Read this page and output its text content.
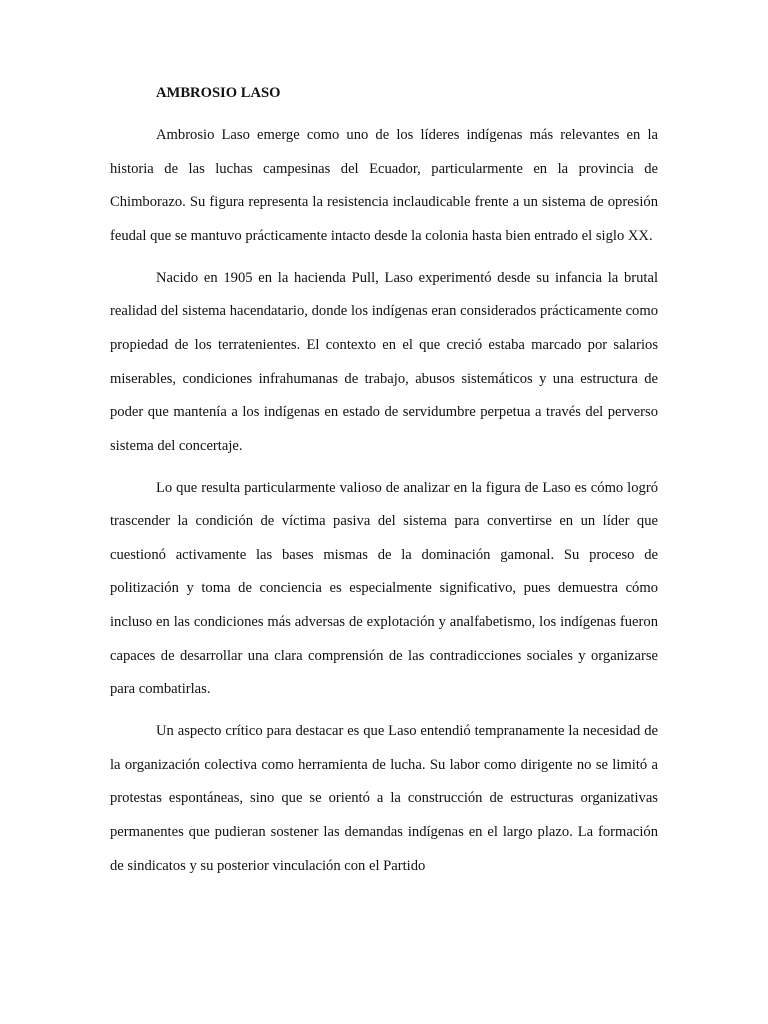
AMBROSIO LASO

Ambrosio Laso emerge como uno de los líderes indígenas más relevantes en la historia de las luchas campesinas del Ecuador, particularmente en la provincia de Chimborazo. Su figura representa la resistencia inclaudicable frente a un sistema de opresión feudal que se mantuvo prácticamente intacto desde la colonia hasta bien entrado el siglo XX.

Nacido en 1905 en la hacienda Pull, Laso experimentó desde su infancia la brutal realidad del sistema hacendatario, donde los indígenas eran considerados prácticamente como propiedad de los terratenientes. El contexto en el que creció estaba marcado por salarios miserables, condiciones infrahumanas de trabajo, abusos sistemáticos y una estructura de poder que mantenía a los indígenas en estado de servidumbre perpetua a través del perverso sistema del concertaje.

Lo que resulta particularmente valioso de analizar en la figura de Laso es cómo logró trascender la condición de víctima pasiva del sistema para convertirse en un líder que cuestionó activamente las bases mismas de la dominación gamonal. Su proceso de politización y toma de conciencia es especialmente significativo, pues demuestra cómo incluso en las condiciones más adversas de explotación y analfabetismo, los indígenas fueron capaces de desarrollar una clara comprensión de las contradicciones sociales y organizarse para combatirlas.

Un aspecto crítico para destacar es que Laso entendió tempranamente la necesidad de la organización colectiva como herramienta de lucha. Su labor como dirigente no se limitó a protestas espontáneas, sino que se orientó a la construcción de estructuras organizativas permanentes que pudieran sostener las demandas indígenas en el largo plazo. La formación de sindicatos y su posterior vinculación con el Partido
